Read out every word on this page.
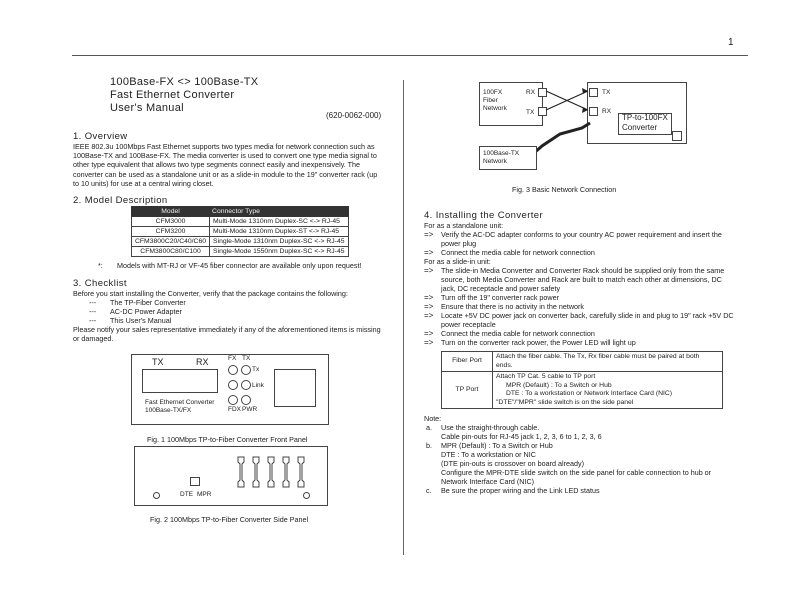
1
100Base-FX <> 100Base-TX
Fast Ethernet Converter
User's Manual
(620-0062-000)
1. Overview
IEEE 802.3u 100Mbps Fast Ethernet supports two types media for network connection such as
100Base-TX and 100Base-FX. The media converter is used to convert one type media signal to
other type equivalent that allows two type segments connect easily and inexpensively. The
converter can be used as a standalone unit or as a slide-in module to the 19" converter rack (up
to 10 units) for use at a central wiring closet.
2. Model Description
Model	Connector Type
CFM3000	Multi-Mode 1310nm Duplex-SC <-> RJ-45
CFM3200	Multi-Mode 1310nm Duplex-ST <-> RJ-45
CFM3800C20/C40/C60	Single-Mode 1310nm Duplex-SC <-> RJ-45
CFM3800C80/C100	Single-Mode 1550nm Duplex-SC <-> RJ-45
*: Models with MT-RJ or VF-45 fiber connector are available only upon request!
3. Checklist
Before you start installing the Converter, verify that the package contains the following:
--- The TP-Fiber Converter
--- AC-DC Power Adapter
--- This User's Manual
Please notify your sales representative immediately if any of the aforementioned items is missing
or damaged.
TX	RX
Fast Ethernet Converter
100Base-TX/FX
FX TX
Tx
Link
FDX PWR
Fig. 1 100Mbps TP-to-Fiber Converter Front Panel
DTE MPR
Fig. 2 100Mbps TP-to-Fiber Converter Side Panel
100FX
Fiber
Network
RX
TX
TX
RX
TP-to-100FX
Converter
100Base-TX
Network
Fig. 3 Basic Network Connection
4. Installing the Converter
For as a standalone unit:
=> Verify the AC-DC adapter conforms to your country AC power requirement and insert the
power plug
=> Connect the media cable for network connection
For as a slide-in unit:
=> The slide-in Media Converter and Converter Rack should be supplied only from the same
source, both Media Converter and Rack are built to match each other at dimensions, DC
jack, DC receptacle and power safety
=> Turn off the 19" converter rack power
=> Ensure that there is no activity in the network
=> Locate +5V DC power jack on converter back, carefully slide in and plug to 19" rack +5V DC
power receptacle
=> Connect the media cable for network connection
=> Turn on the converter rack power, the Power LED will light up
Fiber Port	Attach the fiber cable. The Tx, Rx fiber cable must be paired at both
ends.

TP Port	Attach TP Cat. 5 cable to TP port
MPR (Default) : To a Switch or Hub
DTE : To a workstation or Network Interface Card (NIC)
"DTE"/"MPR" slide switch is on the side panel
Note:
a. Use the straight-through cable.
Cable pin-outs for RJ-45 jack 1, 2, 3, 6 to 1, 2, 3, 6
b. MPR (Default) : To a Switch or Hub
DTE : To a workstation or NIC
(DTE pin-outs is crossover on board already)
Configure the MPR-DTE slide switch on the side panel for cable connection to hub or
Network Interface Card (NIC)
c. Be sure the proper wiring and the Link LED status
